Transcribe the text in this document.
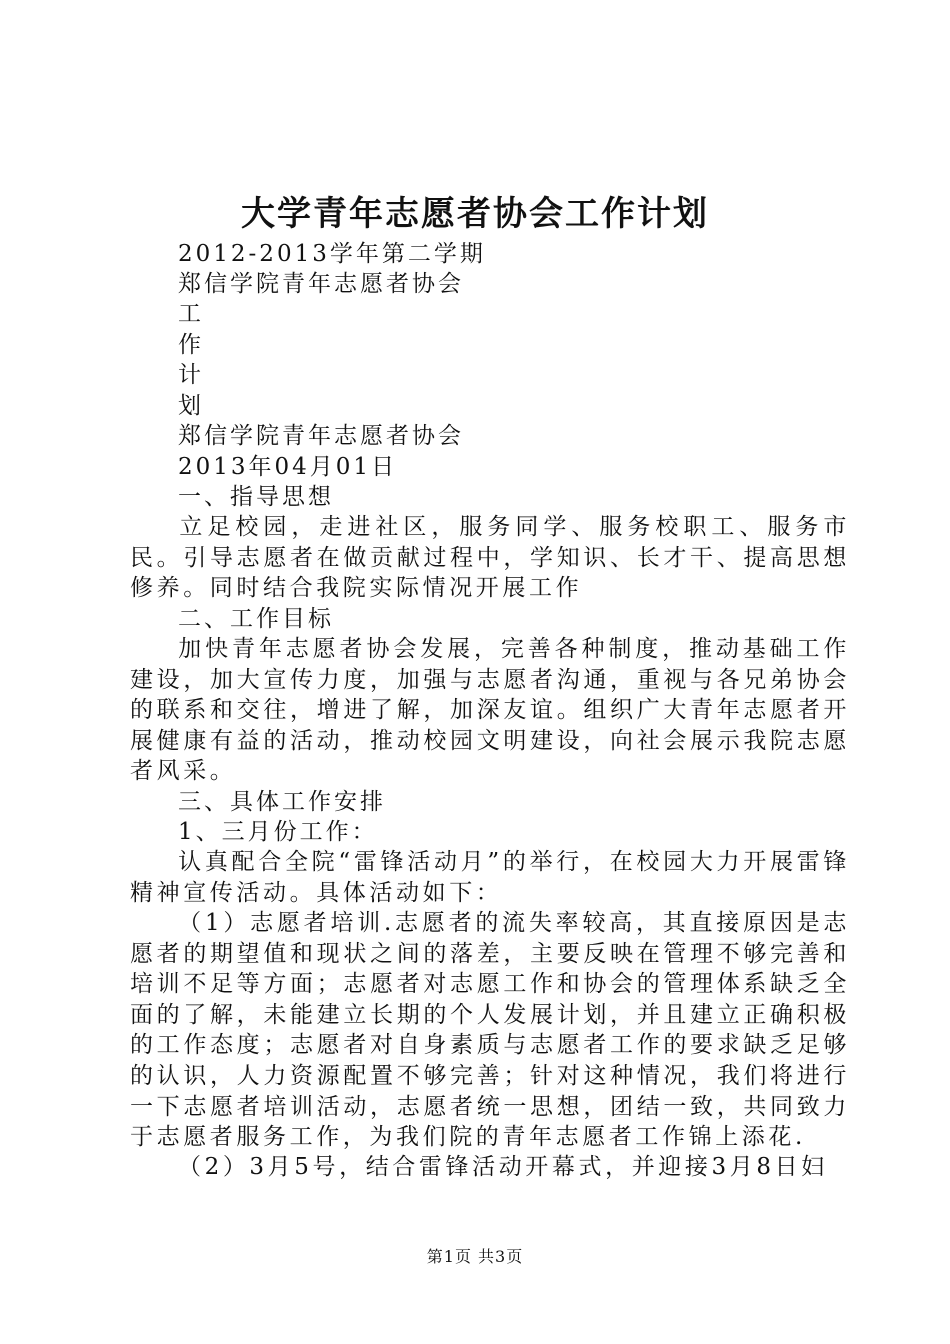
大学青年志愿者协会工作计划

2012-2013学年第二学期

郑信学院青年志愿者协会

工

作

计

划

郑信学院青年志愿者协会

2013年04月01日

一、指导思想

立足校园，走进社区，服务同学、服务校职工、服务市民。引导志愿者在做贡献过程中，学知识、长才干、提高思想修养。同时结合我院实际情况开展工作

二、工作目标

加快青年志愿者协会发展，完善各种制度，推动基础工作建设，加大宣传力度，加强与志愿者沟通，重视与各兄弟协会的联系和交往，增进了解，加深友谊。组织广大青年志愿者开展健康有益的活动，推动校园文明建设，向社会展示我院志愿者风采。

三、具体工作安排

1、三月份工作：

认真配合全院“雷锋活动月”的举行，在校园大力开展雷锋精神宣传活动。具体活动如下：

（1）志愿者培训.志愿者的流失率较高，其直接原因是志愿者的期望值和现状之间的落差，主要反映在管理不够完善和培训不足等方面；志愿者对志愿工作和协会的管理体系缺乏全面的了解，未能建立长期的个人发展计划，并且建立正确积极的工作态度；志愿者对自身素质与志愿者工作的要求缺乏足够的认识，人力资源配置不够完善；针对这种情况，我们将进行一下志愿者培训活动，志愿者统一思想，团结一致，共同致力于志愿者服务工作，为我们院的青年志愿者工作锦上添花.

（2）3月5号，结合雷锋活动开幕式，并迎接3月8日妇

第1页 共3页
